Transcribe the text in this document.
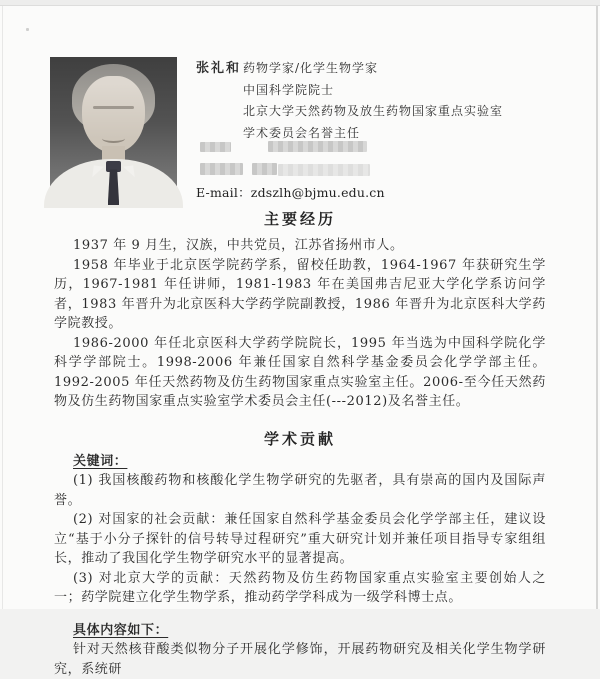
张礼和 药物学家/化学生物学家
中国科学院院士
北京大学天然药物及放生药物国家重点实验室
学术委员会名誉主任
E-mail：zdszlh@bjmu.edu.cn
主要经历

1937 年 9 月生，汉族，中共党员，江苏省扬州市人。

1958 年毕业于北京医学院药学系，留校任助教，1964-1967 年获研究生学历，1967-1981 年任讲师，1981-1983 年在美国弗吉尼亚大学化学系访问学者，1983 年晋升为北京医科大学药学院副教授，1986 年晋升为北京医科大学药学院教授。

1986-2000 年任北京医科大学药学院院长，1995 年当选为中国科学院化学科学学部院士。1998-2006 年兼任国家自然科学基金委员会化学学部主任。1992-2005 年任天然药物及仿生药物国家重点实验室主任。2006-至今任天然药物及仿生药物国家重点实验室学术委员会主任(---2012)及名誉主任。

学术贡献

关键词：

(1) 我国核酸药物和核酸化学生物学研究的先驱者，具有崇高的国内及国际声誉。

(2) 对国家的社会贡献：兼任国家自然科学基金委员会化学学部主任，建议设立“基于小分子探针的信号转导过程研究”重大研究计划并兼任项目指导专家组组长，推动了我国化学生物学研究水平的显著提高。

(3) 对北京大学的贡献：天然药物及仿生药物国家重点实验室主要创始人之一；药学院建立化学生物学系，推动药学学科成为一级学科博士点。

具体内容如下：

针对天然核苷酸类似物分子开展化学修饰，开展药物研究及相关化学生物学研究，系统研
